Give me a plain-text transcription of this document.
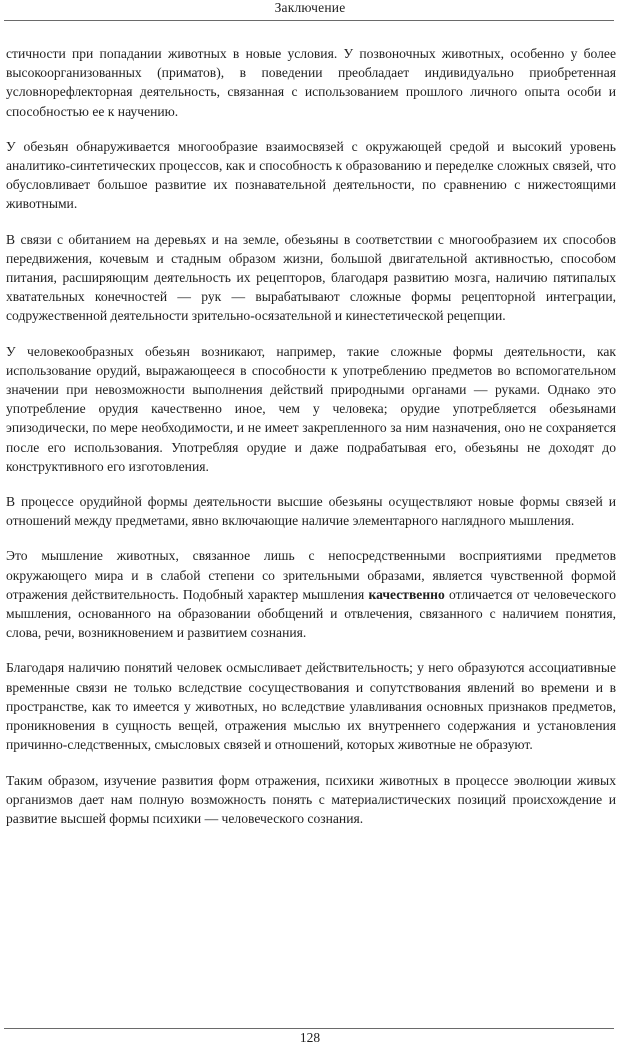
Заключение

стичности при попадании животных в новые условия. У позвоночных животных, особенно у более высокоорганизованных (приматов), в поведении преобладает индивидуально приобретенная условнорефлекторная деятельность, связанная с использованием прошлого личного опыта особи и способностью ее к научению.

У обезьян обнаруживается многообразие взаимосвязей с окружающей средой и высокий уровень аналитико-синтетических процессов, как и способность к образованию и переделке сложных связей, что обусловливает большое развитие их познавательной деятельности, по сравнению с нижестоящими животными.

В связи с обитанием на деревьях и на земле, обезьяны в соответствии с многообразием их способов передвижения, кочевым и стадным образом жизни, большой двигательной активностью, способом питания, расширяющим деятельность их рецепторов, благодаря развитию мозга, наличию пятипалых хватательных конечностей — рук — вырабатывают сложные формы рецепторной интеграции, содружественной деятельности зрительно-осязательной и кинестетической рецепции.

У человекообразных обезьян возникают, например, такие сложные формы деятельности, как использование орудий, выражающееся в способности к употреблению предметов во вспомогательном значении при невозможности выполнения действий природными органами — руками. Однако это употребление орудия качественно иное, чем у человека; орудие употребляется обезьянами эпизодически, по мере необходимости, и не имеет закрепленного за ним назначения, оно не сохраняется после его использования. Употребляя орудие и даже подрабатывая его, обезьяны не доходят до конструктивного его изготовления.

В процессе орудийной формы деятельности высшие обезьяны осуществляют новые формы связей и отношений между предметами, явно включающие наличие элементарного наглядного мышления.

Это мышление животных, связанное лишь с непосредственными восприятиями предметов окружающего мира и в слабой степени со зрительными образами, является чувственной формой отражения действительность. Подобный характер мышления качественно отличается от человеческого мышления, основанного на образовании обобщений и отвлечения, связанного с наличием понятия, слова, речи, возникновением и развитием сознания.

Благодаря наличию понятий человек осмысливает действительность; у него образуются ассоциативные временные связи не только вследствие сосуществования и сопутствования явлений во времени и в пространстве, как то имеется у животных, но вследствие улавливания основных признаков предметов, проникновения в сущность вещей, отражения мыслью их внутреннего содержания и установления причинно-следственных, смысловых связей и отношений, которых животные не образуют.

Таким образом, изучение развития форм отражения, психики животных в процессе эволюции живых организмов дает нам полную возможность понять с материалистических позиций происхождение и развитие высшей формы психики — человеческого сознания.

128
